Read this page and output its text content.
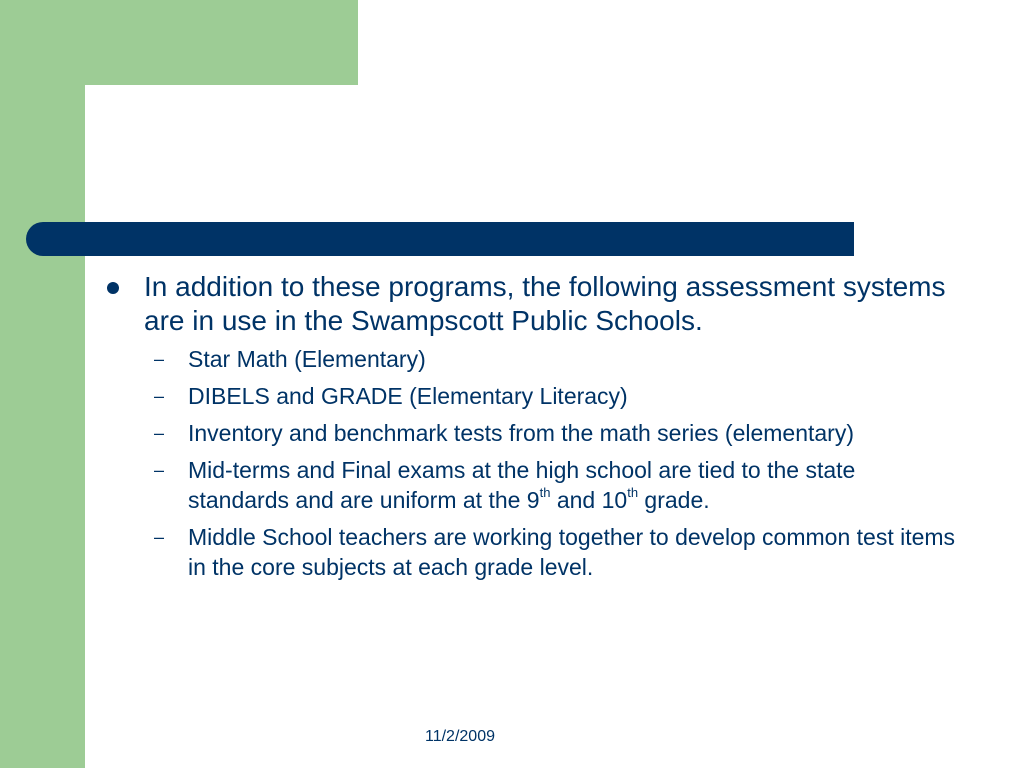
In addition to these programs, the following assessment systems are in use in the Swampscott Public Schools.
– Star Math (Elementary)
– DIBELS and GRADE (Elementary Literacy)
– Inventory and benchmark tests from the math series (elementary)
– Mid-terms and Final exams at the high school are tied to the state standards and are uniform at the 9th and 10th grade.
– Middle School teachers are working together to develop common test items in the core subjects at each grade level.
11/2/2009
